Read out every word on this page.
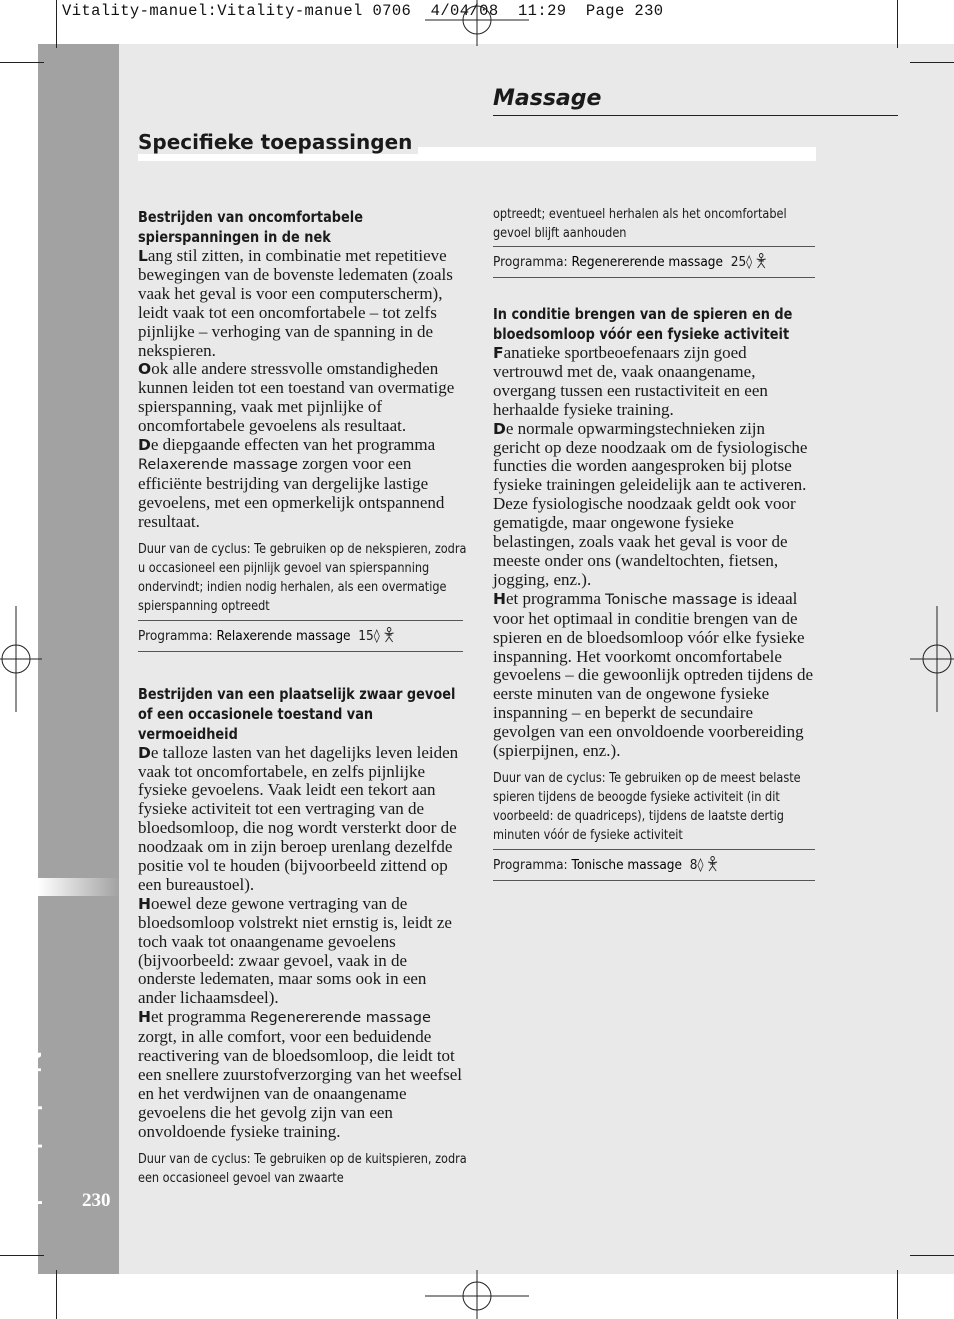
Vitality-manuel:Vitality-manuel 0706  4/04/08  11:29  Page 230
Nederlands 230
Massage
Specifieke toepassingen

Bestrijden van oncomfortabele spierspanningen in de nek

Lang stil zitten, in combinatie met repetitieve bewegingen van de bovenste ledematen (zoals vaak het geval is voor een computerscherm), leidt vaak tot een oncomfortabele – tot zelfs pijnlijke – verhoging van de spanning in de nekspieren.

Ook alle andere stressvolle omstandigheden kunnen leiden tot een toestand van overmatige spierspanning, vaak met pijnlijke of oncomfortabele gevoelens als resultaat.

De diepgaande effecten van het programma Relaxerende massage zorgen voor een efficiënte bestrijding van dergelijke lastige gevoelens, met een opmerkelijk ontspannend resultaat.

Duur van de cyclus: Te gebruiken op de nekspieren, zodra u occasioneel een pijnlijk gevoel van spierspanning ondervindt; indien nodig herhalen, als een overmatige spierspanning optreedt

Programma: Relaxerende massage 15◊

Bestrijden van een plaatselijk zwaar gevoel of een occasionele toestand van vermoeidheid

De talloze lasten van het dagelijks leven leiden vaak tot oncomfortabele, en zelfs pijnlijke fysieke gevoelens. Vaak leidt een tekort aan fysieke activiteit tot een vertraging van de bloedsomloop, die nog wordt versterkt door de noodzaak om in zijn beroep urenlang dezelfde positie vol te houden (bijvoorbeeld zittend op een bureaustoel).

Hoewel deze gewone vertraging van de bloedsomloop volstrekt niet ernstig is, leidt ze toch vaak tot onaangename gevoelens (bijvoorbeeld: zwaar gevoel, vaak in de onderste ledematen, maar soms ook in een ander lichaamsdeel).

Het programma Regenererende massage zorgt, in alle comfort, voor een beduidende reactivering van de bloedsomloop, die leidt tot een snellere zuurstofverzorging van het weefsel en het verdwijnen van de onaangename gevoelens die het gevolg zijn van een onvoldoende fysieke training.

Duur van de cyclus: Te gebruiken op de kuitspieren, zodra een occasioneel gevoel van zwaarte

optreedt; eventueel herhalen als het oncomfortabel gevoel blijft aanhouden

Programma: Regenererende massage 25◊

In conditie brengen van de spieren en de bloedsomloop vóór een fysieke activiteit

Fanatieke sportbeoefenaars zijn goed vertrouwd met de, vaak onaangename, overgang tussen een rustactiviteit en een herhaalde fysieke training.

De normale opwarmingstechnieken zijn gericht op deze noodzaak om de fysiologische functies die worden aangesproken bij plotse fysieke trainingen geleidelijk aan te activeren. Deze fysiologische noodzaak geldt ook voor gematigde, maar ongewone fysieke belastingen, zoals vaak het geval is voor de meeste onder ons (wandeltochten, fietsen, jogging, enz.).

Het programma Tonische massage is ideaal voor het optimaal in conditie brengen van de spieren en de bloedsomloop vóór elke fysieke inspanning. Het voorkomt oncomfortabele gevoelens – die gewoonlijk optreden tijdens de eerste minuten van de ongewone fysieke inspanning – en beperkt de secundaire gevolgen van een onvoldoende voorbereiding (spierpijnen, enz.).

Duur van de cyclus: Te gebruiken op de meest belaste spieren tijdens de beoogde fysieke activiteit (in dit voorbeeld: de quadriceps), tijdens de laatste dertig minuten vóór de fysieke activiteit

Programma: Tonische massage 8◊
